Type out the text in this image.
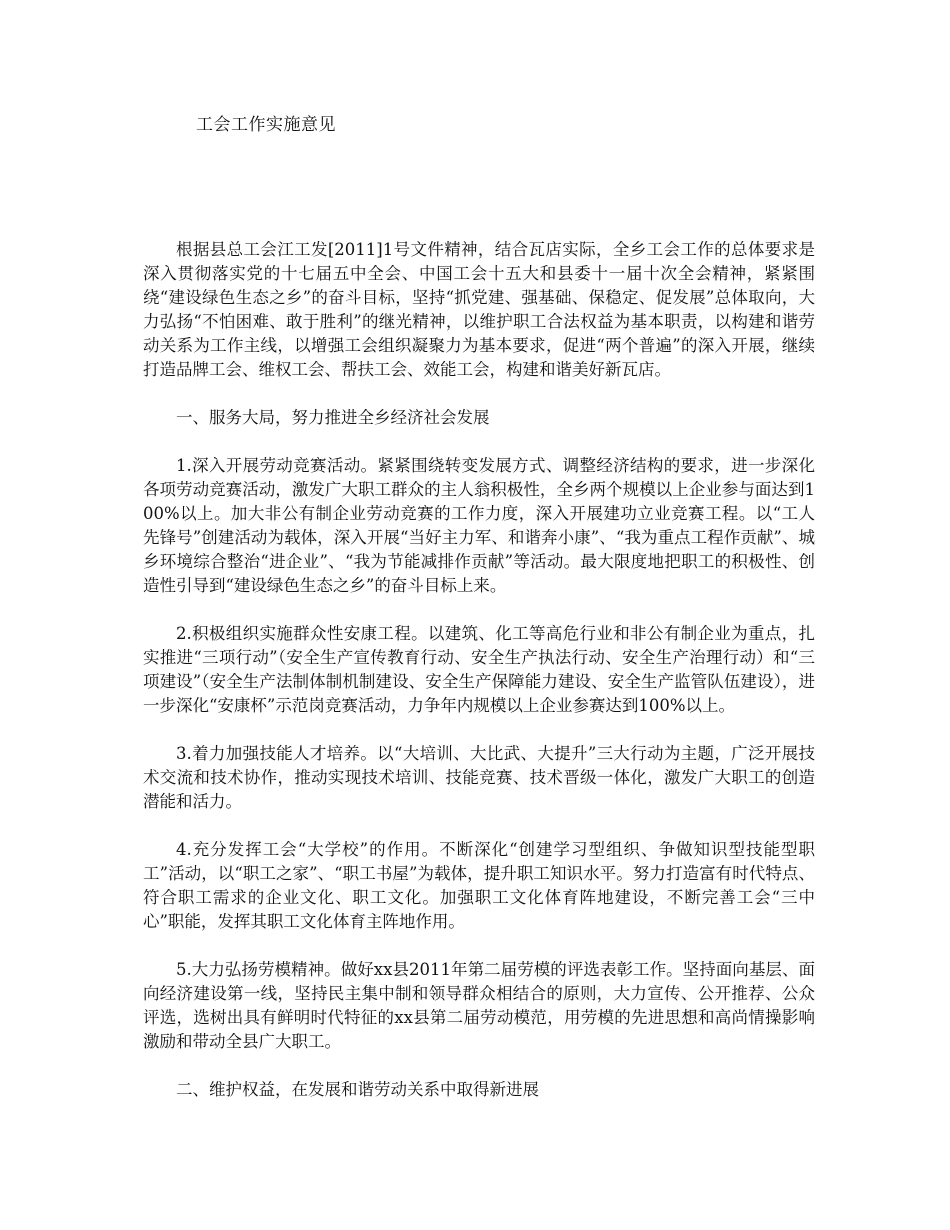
工会工作实施意见

根据县总工会江工发[2011]1号文件精神，结合瓦店实际，全乡工会工作的总体要求是深入贯彻落实党的十七届五中全会、中国工会十五大和县委十一届十次全会精神，紧紧围绕“建设绿色生态之乡”的奋斗目标，坚持“抓党建、强基础、保稳定、促发展”总体取向，大力弘扬“不怕困难、敢于胜利”的继光精神，以维护职工合法权益为基本职责，以构建和谐劳动关系为工作主线，以增强工会组织凝聚力为基本要求，促进“两个普遍”的深入开展，继续打造品牌工会、维权工会、帮扶工会、效能工会，构建和谐美好新瓦店。

一、服务大局，努力推进全乡经济社会发展

1.深入开展劳动竞赛活动。紧紧围绕转变发展方式、调整经济结构的要求，进一步深化各项劳动竞赛活动，激发广大职工群众的主人翁积极性，全乡两个规模以上企业参与面达到100%以上。加大非公有制企业劳动竞赛的工作力度，深入开展建功立业竞赛工程。以“工人先锋号”创建活动为载体，深入开展“当好主力军、和谐奔小康”、“我为重点工程作贡献”、城乡环境综合整治“进企业”、“我为节能减排作贡献”等活动。最大限度地把职工的积极性、创造性引导到“建设绿色生态之乡”的奋斗目标上来。

2.积极组织实施群众性安康工程。以建筑、化工等高危行业和非公有制企业为重点，扎实推进“三项行动”（安全生产宣传教育行动、安全生产执法行动、安全生产治理行动）和“三项建设”（安全生产法制体制机制建设、安全生产保障能力建设、安全生产监管队伍建设），进一步深化“安康杯”示范岗竞赛活动，力争年内规模以上企业参赛达到100%以上。

3.着力加强技能人才培养。以“大培训、大比武、大提升”三大行动为主题，广泛开展技术交流和技术协作，推动实现技术培训、技能竞赛、技术晋级一体化，激发广大职工的创造潜能和活力。

4.充分发挥工会“大学校”的作用。不断深化“创建学习型组织、争做知识型技能型职工”活动，以“职工之家”、“职工书屋”为载体，提升职工知识水平。努力打造富有时代特点、符合职工需求的企业文化、职工文化。加强职工文化体育阵地建设，不断完善工会“三中心”职能，发挥其职工文化体育主阵地作用。

5.大力弘扬劳模精神。做好xx县2011年第二届劳模的评选表彰工作。坚持面向基层、面向经济建设第一线，坚持民主集中制和领导群众相结合的原则，大力宣传、公开推荐、公众评选，选树出具有鲜明时代特征的xx县第二届劳动模范，用劳模的先进思想和高尚情操影响激励和带动全县广大职工。

二、维护权益，在发展和谐劳动关系中取得新进展
